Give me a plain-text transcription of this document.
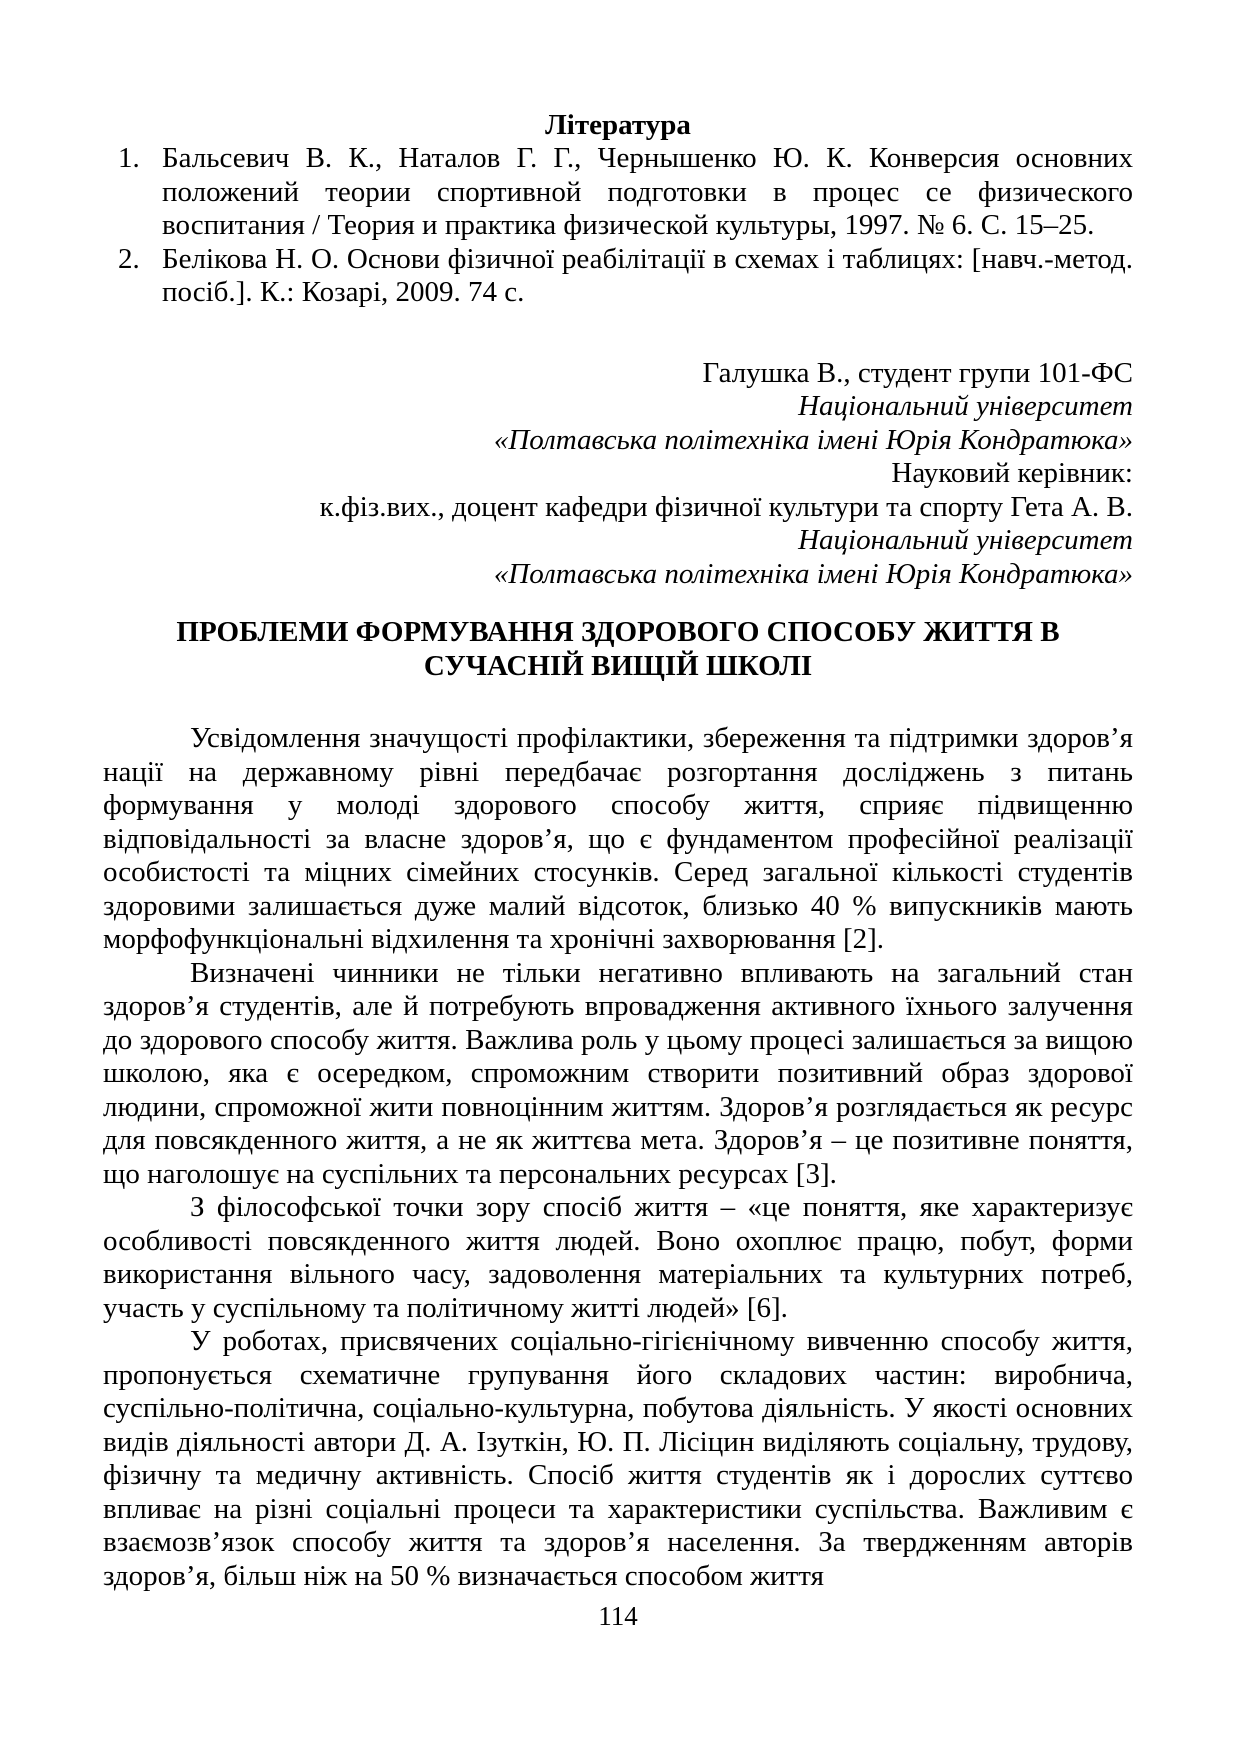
Література
1. Бальсевич В. К., Наталов Г. Г., Чернышенко Ю. К. Конверсия основних положений теории спортивной подготовки в процес се физического воспитания / Теория и практика физической культуры, 1997. № 6. С. 15–25.
2. Белікова Н. О. Основи фізичної реабілітації в схемах і таблицях: [навч.-метод. посіб.]. К.: Козарі, 2009. 74 с.
Галушка В., студент групи 101-ФС
Національний університет
«Полтавська політехніка імені Юрія Кондратюка»
Науковий керівник:
к.фіз.вих., доцент кафедри фізичної культури та спорту Гета А. В.
Національний університет
«Полтавська політехніка імені Юрія Кондратюка»
ПРОБЛЕМИ ФОРМУВАННЯ ЗДОРОВОГО СПОСОБУ ЖИТТЯ В СУЧАСНІЙ ВИЩІЙ ШКОЛІ

Усвідомлення значущості профілактики, збереження та підтримки здоров’я нації на державному рівні передбачає розгортання досліджень з питань формування у молоді здорового способу життя, сприяє підвищенню відповідальності за власне здоров’я, що є фундаментом професійної реалізації особистості та міцних сімейних стосунків. Серед загальної кількості студентів здоровими залишається дуже малий відсоток, близько 40 % випускників мають морфофункціональні відхилення та хронічні захворювання [2].

Визначені чинники не тільки негативно впливають на загальний стан здоров’я студентів, але й потребують впровадження активного їхнього залучення до здорового способу життя. Важлива роль у цьому процесі залишається за вищою школою, яка є осередком, спроможним створити позитивний образ здорової людини, спроможної жити повноцінним життям. Здоров’я розглядається як ресурс для повсякденного життя, а не як життєва мета. Здоров’я – це позитивне поняття, що наголошує на суспільних та персональних ресурсах [3].

З філософської точки зору спосіб життя – «це поняття, яке характеризує особливості повсякденного життя людей. Воно охоплює працю, побут, форми використання вільного часу, задоволення матеріальних та культурних потреб, участь у суспільному та політичному житті людей» [6].

У роботах, присвячених соціально-гігієнічному вивченню способу життя, пропонується схематичне групування його складових частин: виробнича, суспільно-політична, соціально-культурна, побутова діяльність. У якості основних видів діяльності автори Д. А. Ізуткін, Ю. П. Лісіцин виділяють соціальну, трудову, фізичну та медичну активність. Спосіб життя студентів як і дорослих суттєво впливає на різні соціальні процеси та характеристики суспільства. Важливим є взаємозв’язок способу життя та здоров’я населення. За твердженням авторів здоров’я, більш ніж на 50 % визначається способом життя

114
